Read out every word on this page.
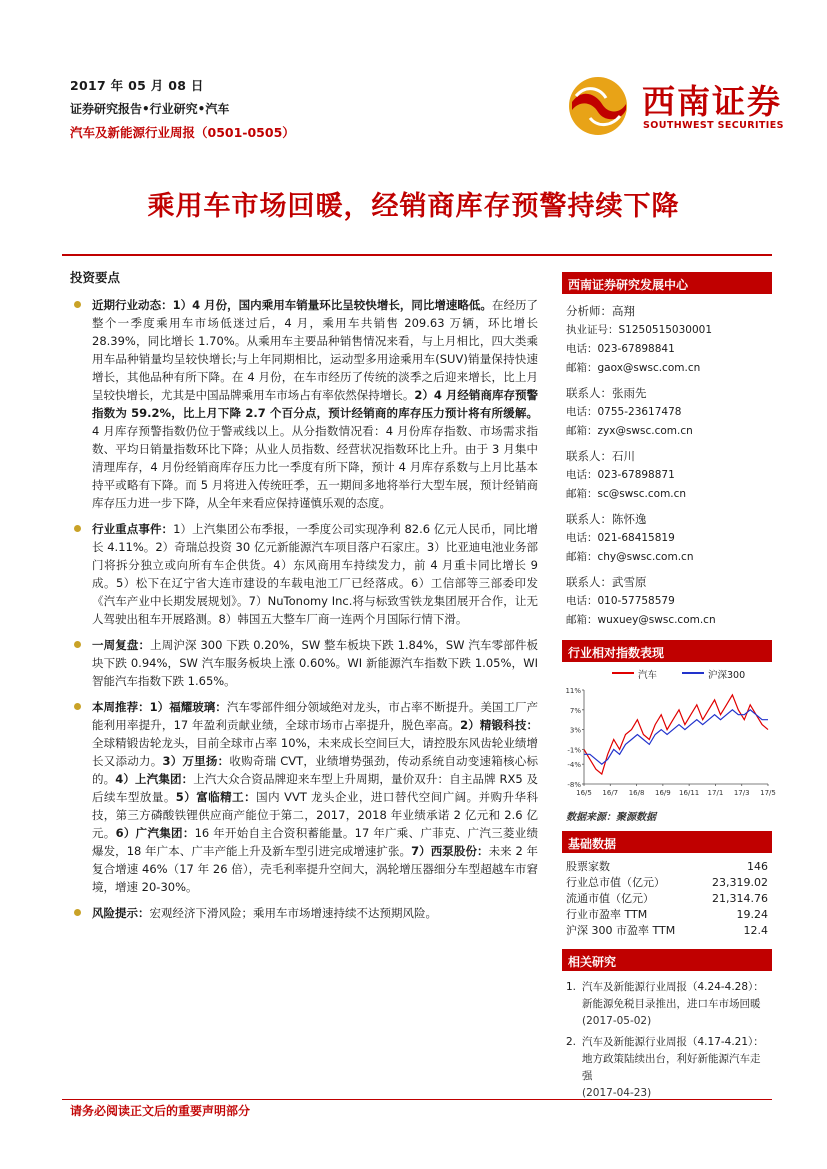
2017 年 05 月 08 日
证券研究报告•行业研究•汽车
汽车及新能源行业周报（0501-0505）
西南证券
SOUTHWEST SECURITIES
乘用车市场回暖，经销商库存预警持续下降
投资要点
近期行业动态：1）4 月份，国内乘用车销量环比呈较快增长，同比增速略低。在经历了整个一季度乘用车市场低迷过后，4 月，乘用车共销售 209.63 万辆，环比增长 28.39%，同比增长 1.70%。从乘用车主要品种销售情况来看，与上月相比，四大类乘用车品种销量均呈较快增长;与上年同期相比，运动型多用途乘用车(SUV)销量保持快速增长，其他品种有所下降。在 4 月份，在车市经历了传统的淡季之后迎来增长，比上月呈较快增长，尤其是中国品牌乘用车市场占有率依然保持增长。2）4 月经销商库存预警指数为 59.2%，比上月下降 2.7 个百分点，预计经销商的库存压力预计将有所缓解。4 月库存预警指数仍位于警戒线以上。从分指数情况看：4 月份库存指数、市场需求指数、平均日销量指数环比下降；从业人员指数、经营状况指数环比上升。由于 3 月集中清理库存，4 月份经销商库存压力比一季度有所下降，预计 4 月库存系数与上月比基本持平或略有下降。而 5 月将进入传统旺季，五一期间多地将举行大型车展，预计经销商库存压力进一步下降，从全年来看应保持谨慎乐观的态度。
行业重点事件：1）上汽集团公布季报，一季度公司实现净利 82.6 亿元人民币，同比增长 4.11%。2）奇瑞总投资 30 亿元新能源汽车项目落户石家庄。3）比亚迪电池业务部门将拆分独立或向所有车企供货。4）东风商用车持续发力，前 4 月重卡同比增长 9 成。5）松下在辽宁省大连市建设的车载电池工厂已经落成。6）工信部等三部委印发《汽车产业中长期发展规划》。7）NuTonomy Inc.将与标致雪铁龙集团展开合作，让无人驾驶出租车开展路测。8）韩国五大整车厂商一连两个月国际行情下滑。
一周复盘：上周沪深 300 下跌 0.20%，SW 整车板块下跌 1.84%，SW 汽车零部件板块下跌 0.94%，SW 汽车服务板块上涨 0.60%。WI 新能源汽车指数下跌 1.05%，WI 智能汽车指数下跌 1.65%。
本周推荐：1）福耀玻璃：汽车零部件细分领域绝对龙头，市占率不断提升。美国工厂产能利用率提升，17 年盈利贡献业绩，全球市场市占率提升，脱色率高。2）精锻科技：全球精锻齿轮龙头，目前全球市占率 10%，未来成长空间巨大，请控股东风齿轮业绩增长又添动力。3）万里扬：收购奇瑞 CVT，业绩增势强劲，传动系统自动变速箱核心标的。4）上汽集团：上汽大众合资品牌迎来车型上升周期，量价双升：自主品牌 RX5 及后续车型放量。5）富临精工：国内 VVT 龙头企业，进口替代空间广阔。并购升华科技，第三方磷酸铁锂供应商产能位于第二，2017，2018 年业绩承诺 2 亿元和 2.6 亿元。6）广汽集团：16 年开始自主合资积蓄能量。17 年广乘、广菲克、广汽三菱业绩爆发，18 年广本、广丰产能上升及新车型引进完成增速扩张。7）西泵股份：未来 2 年复合增速 46%（17 年 26 倍），壳毛利率提升空间大，涡轮增压器细分车型超越车市窘境，增速 20-30%。
风险提示：宏观经济下滑风险；乘用车市场增速持续不达预期风险。
西南证券研究发展中心
分析师：高翔
执业证号：S1250515030001
电话：023-67898841
邮箱：gaox@swsc.com.cn
联系人：张雨先
电话：0755-23617478
邮箱：zyx@swsc.com.cn
联系人：石川
电话：023-67898871
邮箱：sc@swsc.com.cn
联系人：陈怀逸
电话：021-68415819
邮箱：chy@swsc.com.cn
联系人：武雪原
电话：010-57758579
邮箱：wuxuey@swsc.com.cn
行业相对指数表现
汽车	沪深300
11%
7%
3%
-1%
-4%
-8%
16/5 16/7 16/8 16/9 16/11 17/1 17/3 17/5
数据来源：聚源数据
基础数据
股票家数	146
行业总市值（亿元）	23,319.02
流通市值（亿元）	21,314.76
行业市盈率 TTM	19.24
沪深 300 市盈率 TTM	12.4
相关研究
1. 汽车及新能源行业周报（4.24-4.28）：新能源免税目录推出，进口车市场回暖
(2017-05-02)
2. 汽车及新能源行业周报（4.17-4.21）：地方政策陆续出台，利好新能源汽车走强
(2017-04-23)
请务必阅读正文后的重要声明部分
